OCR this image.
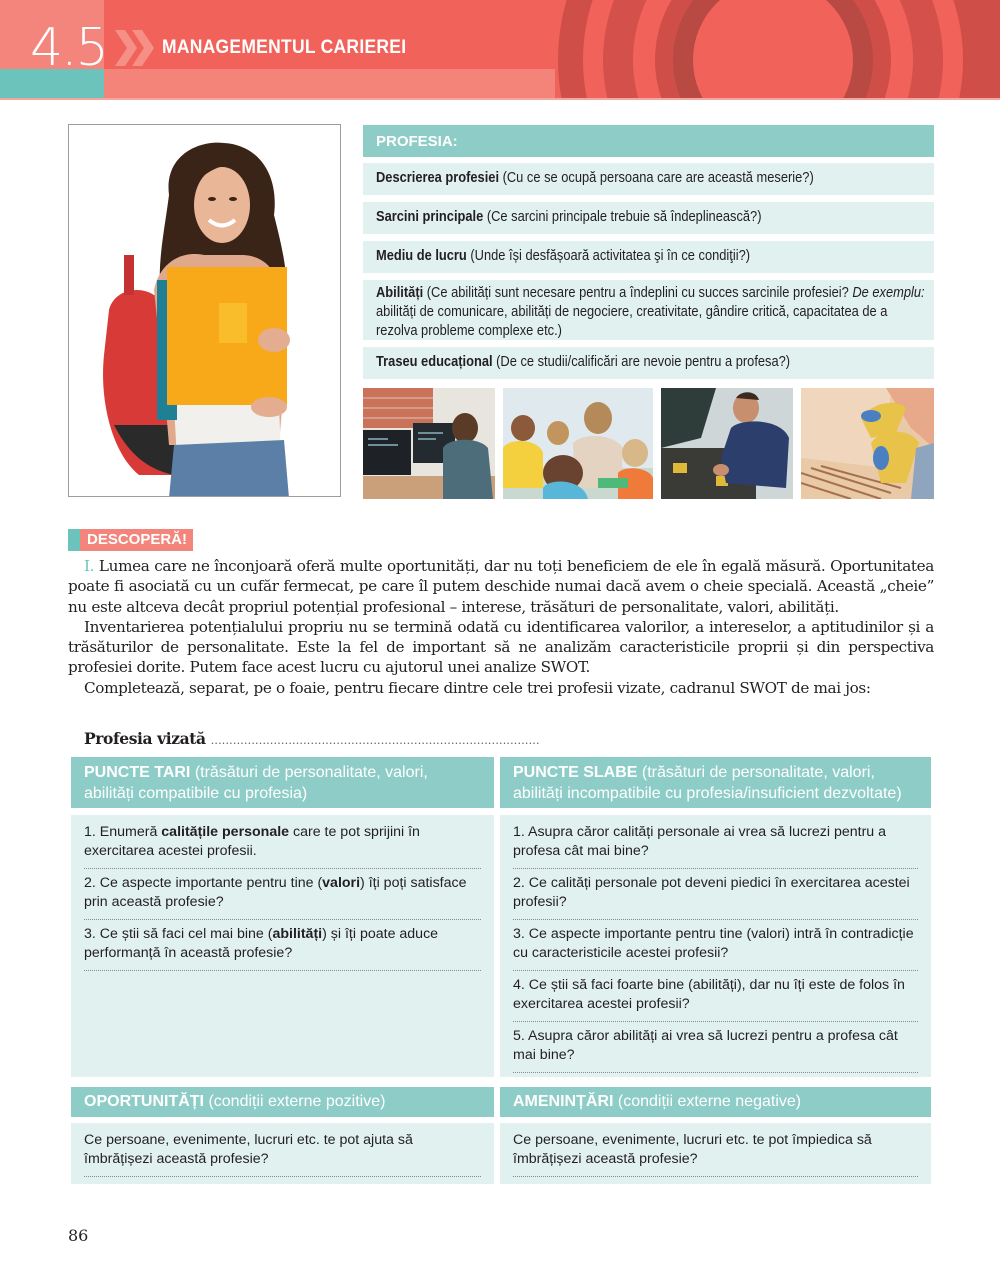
4.5	MANAGEMENTUL CARIEREI
PROFESIA:
Descrierea profesiei (Cu ce se ocupă persoana care are această meserie?)
Sarcini principale (Ce sarcini principale trebuie să îndeplinească?)
Mediu de lucru (Unde își desfășoară activitatea şi în ce condiţii?)
Abilități (Ce abilități sunt necesare pentru a îndeplini cu succes sarcinile profesiei? De exemplu: abilități de comunicare, abilități de negociere, creativitate, gândire critică, capacitatea de a rezolva probleme complexe etc.)
Traseu educațional (De ce studii/calificări are nevoie pentru a profesa?)
DESCOPERĂ!

I. Lumea care ne înconjoară oferă multe oportunități, dar nu toți beneficiem de ele în egală măsură. Oportunitatea poate fi asociată cu un cufăr fermecat, pe care îl putem deschide numai dacă avem o cheie specială. Această „cheie” nu este altceva decât propriul potențial profesional – interese, trăsături de personalitate, valori, abilități.

Inventarierea potențialului propriu nu se termină odată cu identificarea valorilor, a intereselor, a aptitudinilor și a trăsăturilor de personalitate. Este la fel de important să ne analizăm caracteristicile proprii și din perspectiva profesiei dorite. Putem face acest lucru cu ajutorul unei analize SWOT.

Completează, separat, pe o foaie, pentru fiecare dintre cele trei profesii vizate, cadranul SWOT de mai jos:

Profesia vizată .........................................................................................
PUNCTE TARI (trăsături de personalitate, valori, abilități compatibile cu profesia)
1. Enumeră calitățile personale care te pot sprijini în exercitarea acestei profesii.
2. Ce aspecte importante pentru tine (valori) îți poți satisface prin această profesie?
3. Ce știi să faci cel mai bine (abilități) și îți poate aduce performanță în această profesie?
PUNCTE SLABE (trăsături de personalitate, valori, abilități incompatibile cu profesia/insuficient dezvoltate)
1. Asupra căror calități personale ai vrea să lucrezi pentru a profesa cât mai bine?
2. Ce calități personale pot deveni piedici în exercitarea acestei profesii?
3. Ce aspecte importante pentru tine (valori) intră în contradicție cu caracteristicile acestei profesii?
4. Ce știi să faci foarte bine (abilități), dar nu îți este de folos în exercitarea acestei profesii?
5. Asupra căror abilități ai vrea să lucrezi pentru a profesa cât mai bine?
OPORTUNITĂȚI (condiții externe pozitive)
Ce persoane, evenimente, lucruri etc. te pot ajuta să îmbrățișezi această profesie?
AMENINȚĂRI (condiții externe negative)
Ce persoane, evenimente, lucruri etc. te pot împiedica să îmbrățișezi această profesie?
86
